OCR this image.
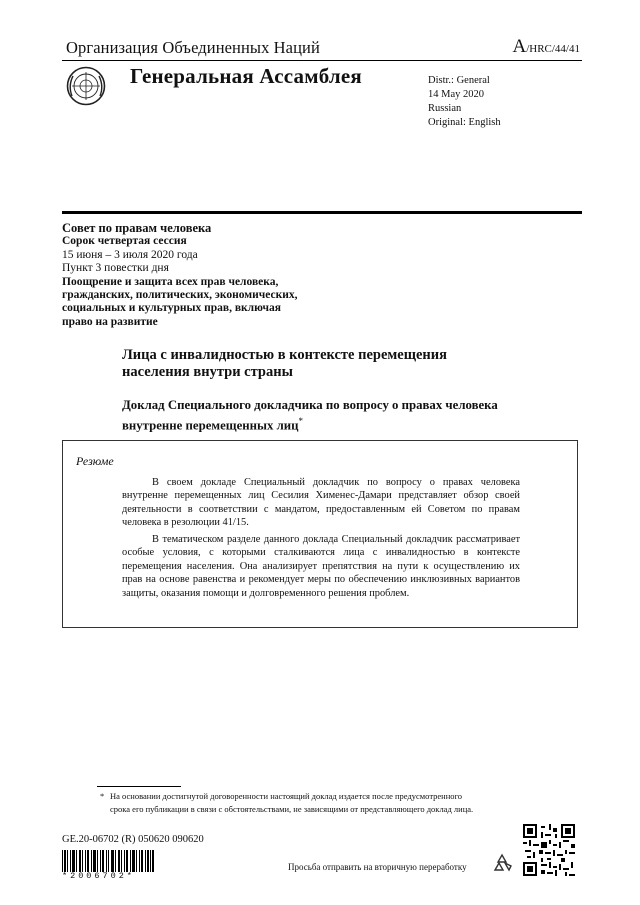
Организация Объединенных Наций	A/HRC/44/41
Генеральная Ассамблея	Distr.: General
14 May 2020
Russian
Original: English
Совет по правам человека
Сорок четвертая сессия
15 июня – 3 июля 2020 года
Пункт 3 повестки дня
Поощрение и защита всех прав человека,
гражданских, политических, экономических,
социальных и культурных прав, включая
право на развитие
Лица с инвалидностью в контексте перемещения
населения внутри страны
Доклад Специального докладчика по вопросу о правах человека
внутренне перемещенных лиц*
Резюме
В своем докладе Специальный докладчик по вопросу о правах человека внутренне перемещенных лиц Сесилия Хименес-Дамари представляет обзор своей деятельности в соответствии с мандатом, предоставленным ей Советом по правам человека в резолюции 41/15.
В тематическом разделе данного доклада Специальный докладчик рассматривает особые условия, с которыми сталкиваются лица с инвалидностью в контексте перемещения населения. Она анализирует препятствия на пути к осуществлению их прав на основе равенства и рекомендует меры по обеспечению инклюзивных вариантов защиты, оказания помощи и долговременного решения проблем.
* На основании достигнутой договоренности настоящий доклад издается после предусмотренного срока его публикации в связи с обстоятельствами, не зависящими от представляющего доклад лица.
GE.20-06702 (R) 050620 090620
*2006702*
Просьба отправить на вторичную переработку
